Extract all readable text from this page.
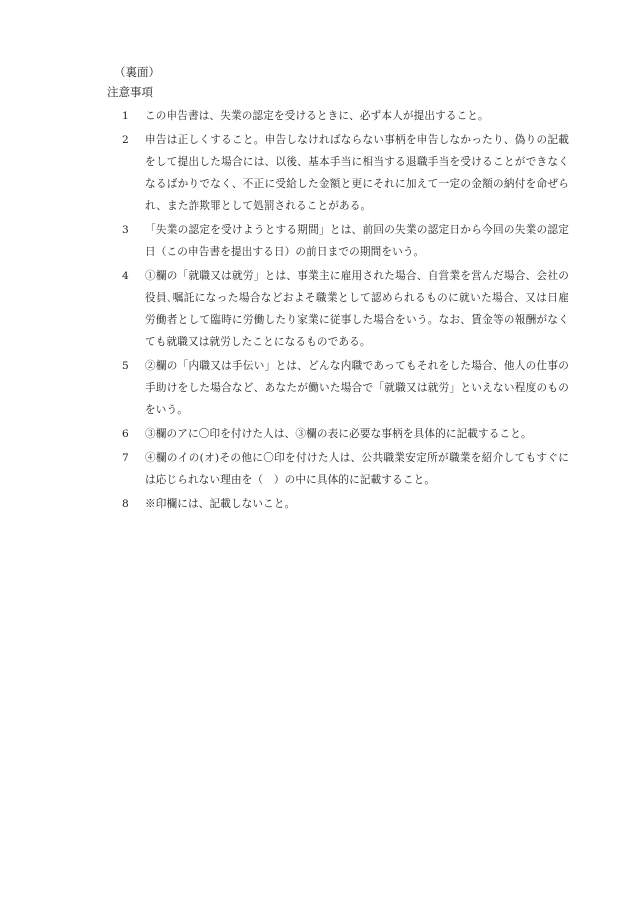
（裏面）
注意事項
1	この申告書は、失業の認定を受けるときに、必ず本人が提出すること。
2	申告は正しくすること。申告しなければならない事柄を申告しなかったり、偽りの記載をして提出した場合には、以後、基本手当に相当する退職手当を受けることができなくなるばかりでなく、不正に受給した金額と更にそれに加えて一定の金額の納付を命ぜられ、また詐欺罪として処罰されることがある。
3	「失業の認定を受けようとする期間」とは、前回の失業の認定日から今回の失業の認定日（この申告書を提出する日）の前日までの期間をいう。
4	①欄の「就職又は就労」とは、事業主に雇用された場合、自営業を営んだ場合、会社の役員､嘱託になった場合などおよそ職業として認められるものに就いた場合、又は日雇労働者として臨時に労働したり家業に従事した場合をいう。なお、賃金等の報酬がなくても就職又は就労したことになるものである。
5	②欄の「内職又は手伝い」とは、どんな内職であってもそれをした場合、他人の仕事の手助けをした場合など、あなたが働いた場合で「就職又は就労」といえない程度のものをいう。
6	③欄のアに〇印を付けた人は、③欄の表に必要な事柄を具体的に記載すること。
7	④欄のイの(オ)その他に〇印を付けた人は、公共職業安定所が職業を紹介してもすぐには応じられない理由を（　）の中に具体的に記載すること。
8	※印欄には、記載しないこと。
